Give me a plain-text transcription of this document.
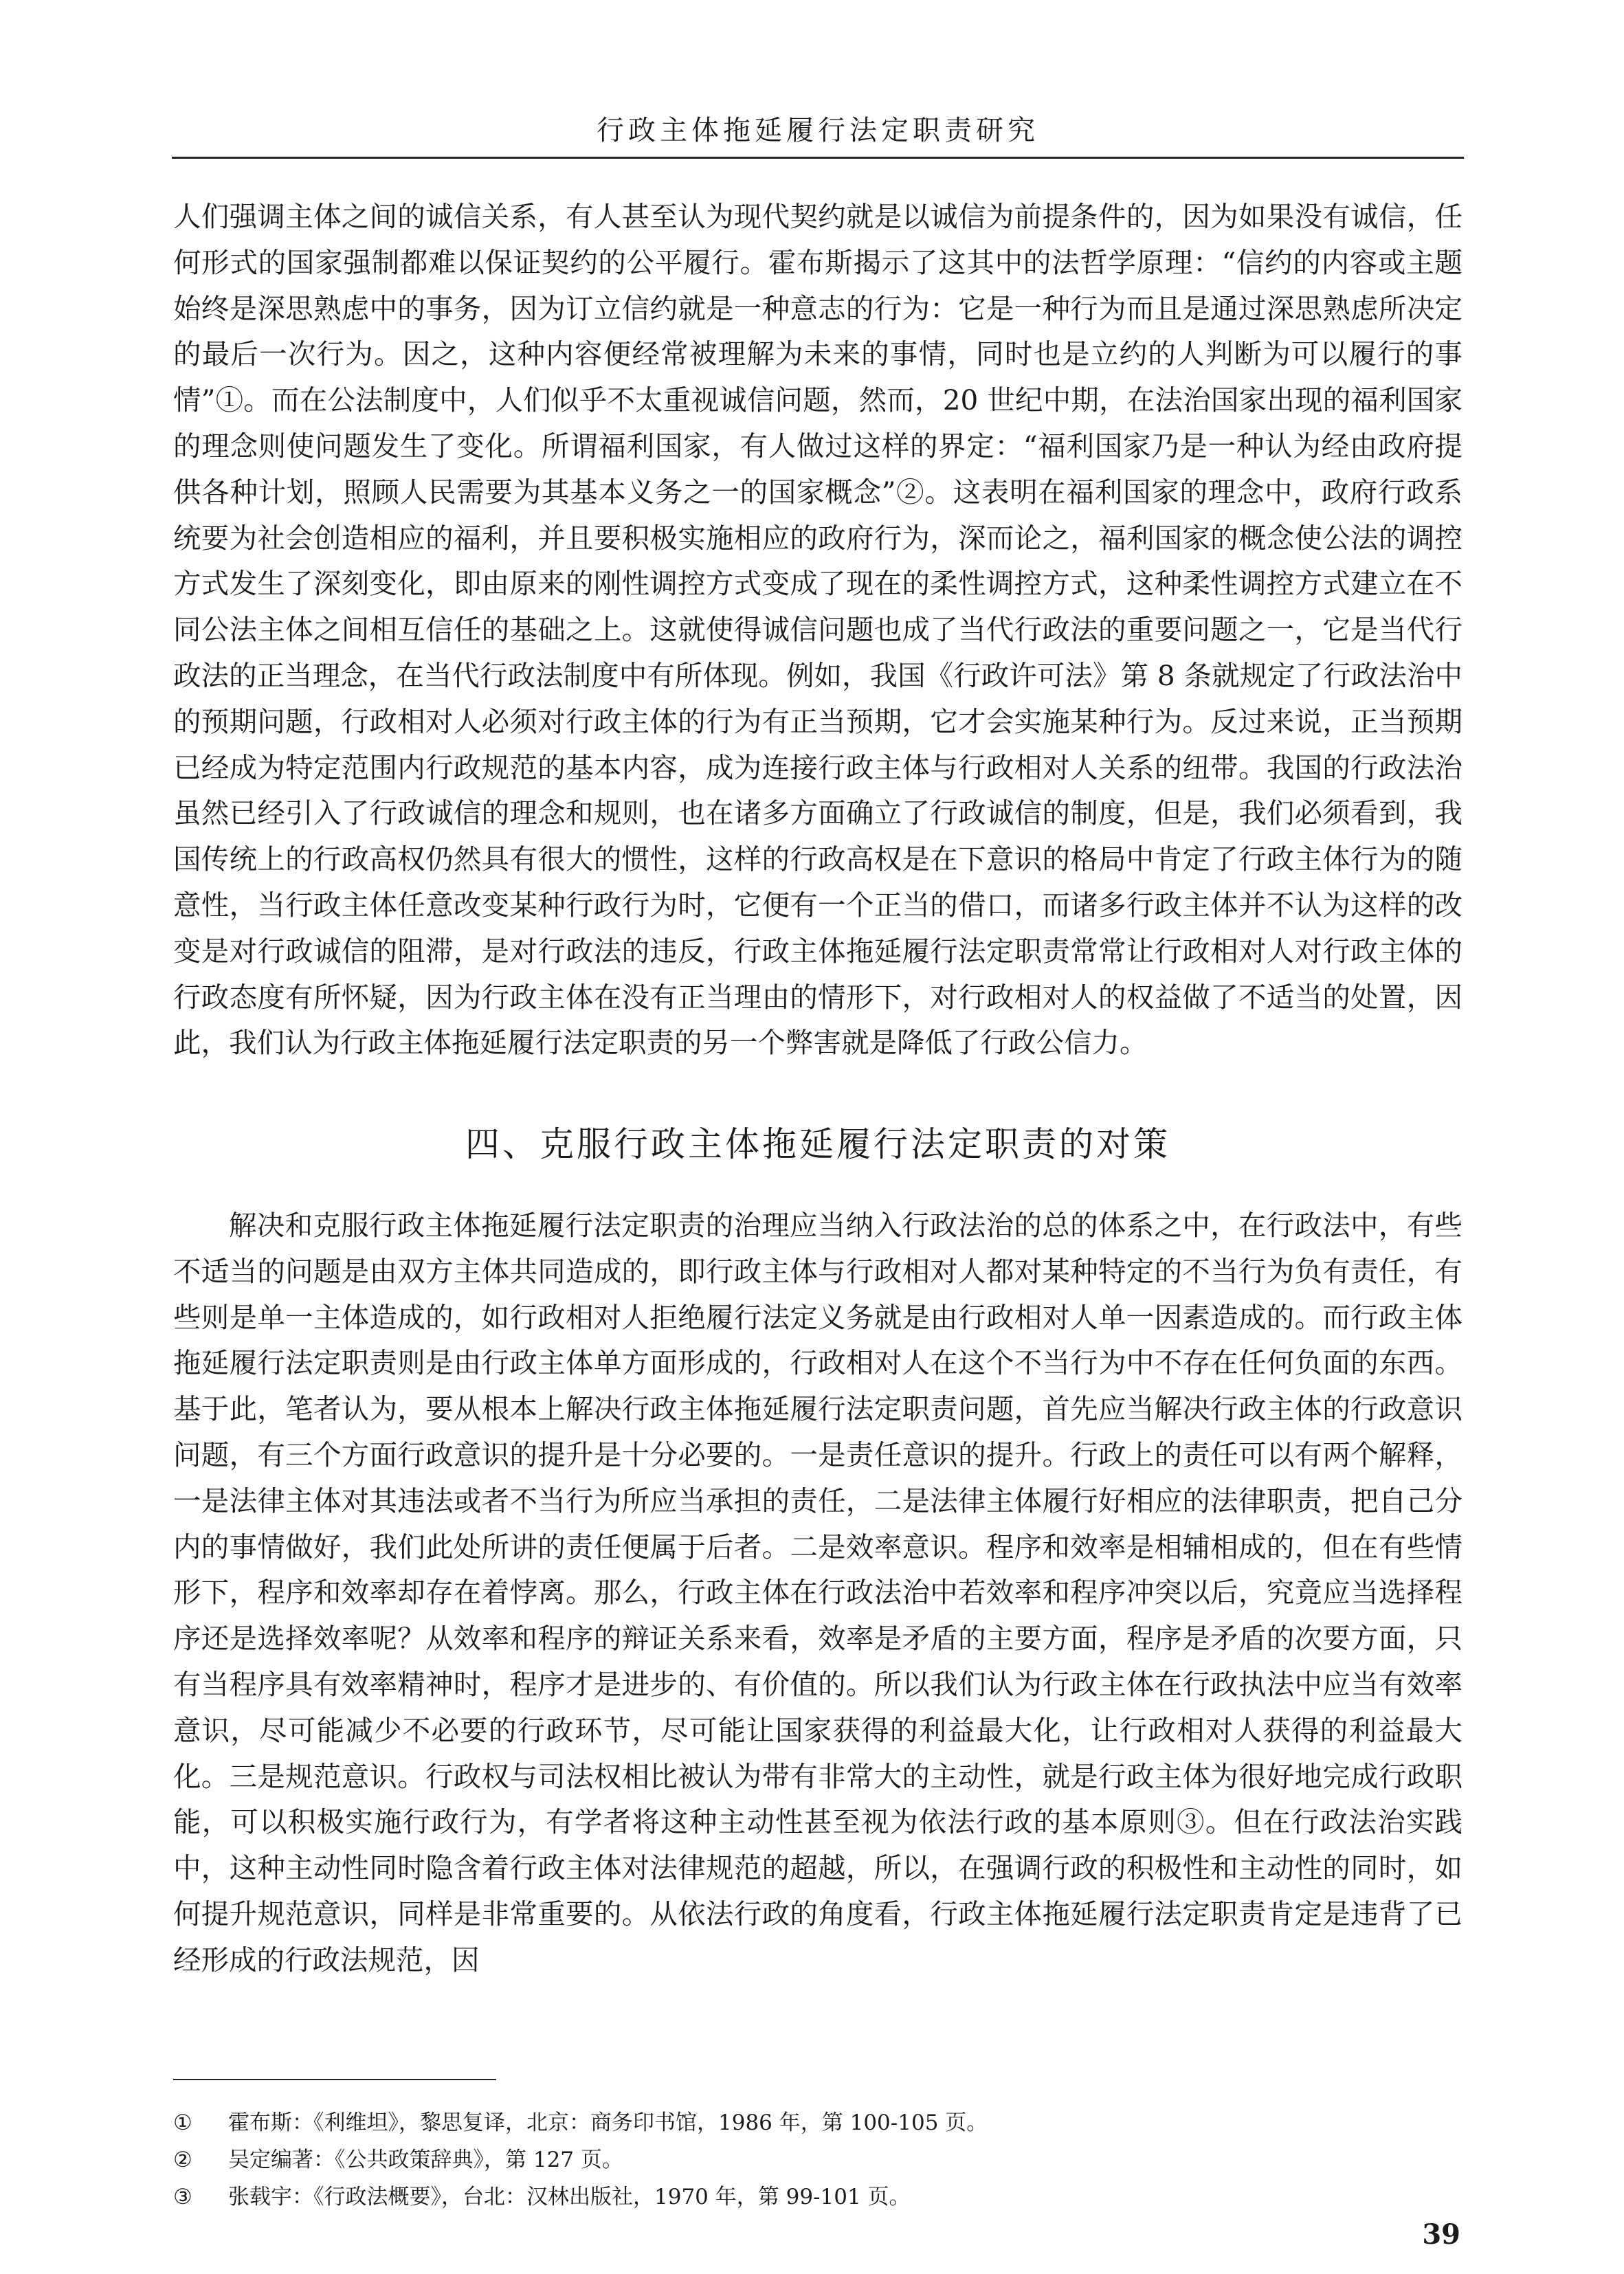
行政主体拖延履行法定职责研究

人们强调主体之间的诚信关系，有人甚至认为现代契约就是以诚信为前提条件的，因为如果没有诚信，任何形式的国家强制都难以保证契约的公平履行。霍布斯揭示了这其中的法哲学原理：“信约的内容或主题始终是深思熟虑中的事务，因为订立信约就是一种意志的行为：它是一种行为而且是通过深思熟虑所决定的最后一次行为。因之，这种内容便经常被理解为未来的事情，同时也是立约的人判断为可以履行的事情”①。而在公法制度中，人们似乎不太重视诚信问题，然而，20 世纪中期，在法治国家出现的福利国家的理念则使问题发生了变化。所谓福利国家，有人做过这样的界定：“福利国家乃是一种认为经由政府提供各种计划，照顾人民需要为其基本义务之一的国家概念”②。这表明在福利国家的理念中，政府行政系统要为社会创造相应的福利，并且要积极实施相应的政府行为，深而论之，福利国家的概念使公法的调控方式发生了深刻变化，即由原来的刚性调控方式变成了现在的柔性调控方式，这种柔性调控方式建立在不同公法主体之间相互信任的基础之上。这就使得诚信问题也成了当代行政法的重要问题之一，它是当代行政法的正当理念，在当代行政法制度中有所体现。例如，我国《行政许可法》第 8 条就规定了行政法治中的预期问题，行政相对人必须对行政主体的行为有正当预期，它才会实施某种行为。反过来说，正当预期已经成为特定范围内行政规范的基本内容，成为连接行政主体与行政相对人关系的纽带。我国的行政法治虽然已经引入了行政诚信的理念和规则，也在诸多方面确立了行政诚信的制度，但是，我们必须看到，我国传统上的行政高权仍然具有很大的惯性，这样的行政高权是在下意识的格局中肯定了行政主体行为的随意性，当行政主体任意改变某种行政行为时，它便有一个正当的借口，而诸多行政主体并不认为这样的改变是对行政诚信的阻滞，是对行政法的违反，行政主体拖延履行法定职责常常让行政相对人对行政主体的行政态度有所怀疑，因为行政主体在没有正当理由的情形下，对行政相对人的权益做了不适当的处置，因此，我们认为行政主体拖延履行法定职责的另一个弊害就是降低了行政公信力。

四、克服行政主体拖延履行法定职责的对策

解决和克服行政主体拖延履行法定职责的治理应当纳入行政法治的总的体系之中，在行政法中，有些不适当的问题是由双方主体共同造成的，即行政主体与行政相对人都对某种特定的不当行为负有责任，有些则是单一主体造成的，如行政相对人拒绝履行法定义务就是由行政相对人单一因素造成的。而行政主体拖延履行法定职责则是由行政主体单方面形成的，行政相对人在这个不当行为中不存在任何负面的东西。基于此，笔者认为，要从根本上解决行政主体拖延履行法定职责问题，首先应当解决行政主体的行政意识问题，有三个方面行政意识的提升是十分必要的。一是责任意识的提升。行政上的责任可以有两个解释，一是法律主体对其违法或者不当行为所应当承担的责任，二是法律主体履行好相应的法律职责，把自己分内的事情做好，我们此处所讲的责任便属于后者。二是效率意识。程序和效率是相辅相成的，但在有些情形下，程序和效率却存在着悖离。那么，行政主体在行政法治中若效率和程序冲突以后，究竟应当选择程序还是选择效率呢？从效率和程序的辩证关系来看，效率是矛盾的主要方面，程序是矛盾的次要方面，只有当程序具有效率精神时，程序才是进步的、有价值的。所以我们认为行政主体在行政执法中应当有效率意识，尽可能减少不必要的行政环节，尽可能让国家获得的利益最大化，让行政相对人获得的利益最大化。三是规范意识。行政权与司法权相比被认为带有非常大的主动性，就是行政主体为很好地完成行政职能，可以积极实施行政行为，有学者将这种主动性甚至视为依法行政的基本原则③。但在行政法治实践中，这种主动性同时隐含着行政主体对法律规范的超越，所以，在强调行政的积极性和主动性的同时，如何提升规范意识，同样是非常重要的。从依法行政的角度看，行政主体拖延履行法定职责肯定是违背了已经形成的行政法规范，因

① 霍布斯：《利维坦》，黎思复译，北京：商务印书馆，1986 年，第 100-105 页。
② 吴定编著：《公共政策辞典》，第 127 页。
③ 张载宇：《行政法概要》，台北：汉林出版社，1970 年，第 99-101 页。
39
